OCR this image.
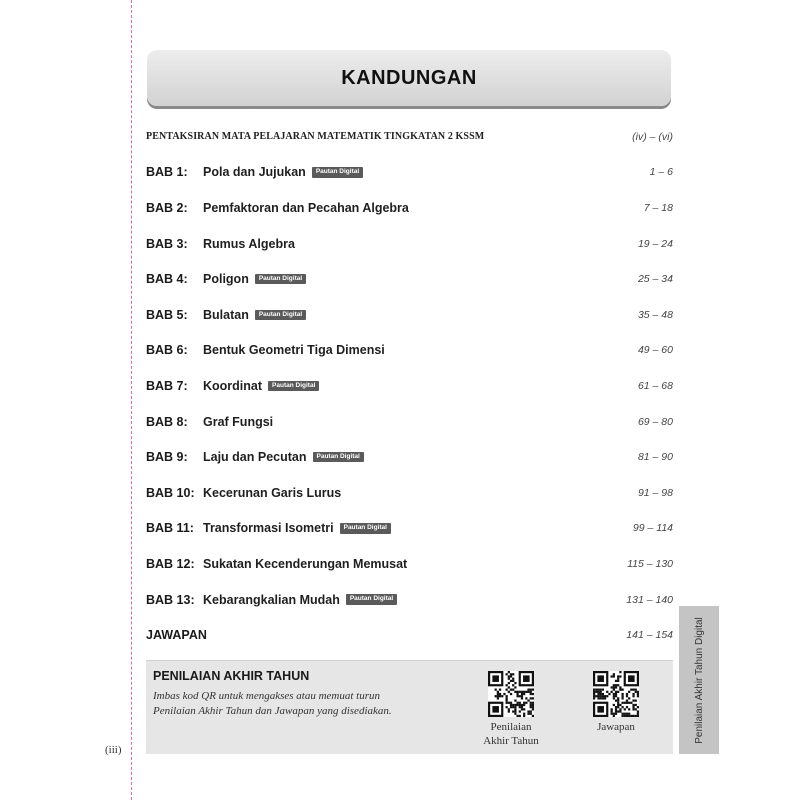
KANDUNGAN
PENTAKSIRAN MATA PELAJARAN MATEMATIK TINGKATAN 2 KSSM	(iv) – (vi)
BAB 1:	Pola dan Jujukan	Pautan Digital	1 – 6
BAB 2:	Pemfaktoran dan Pecahan Algebra	7 – 18
BAB 3:	Rumus Algebra	19 – 24
BAB 4:	Poligon	Pautan Digital	25 – 34
BAB 5:	Bulatan	Pautan Digital	35 – 48
BAB 6:	Bentuk Geometri Tiga Dimensi	49 – 60
BAB 7:	Koordinat	Pautan Digital	61 – 68
BAB 8:	Graf Fungsi	69 – 80
BAB 9:	Laju dan Pecutan	Pautan Digital	81 – 90
BAB 10: Kecerunan Garis Lurus	91 – 98
BAB 11: Transformasi Isometri	Pautan Digital	99 – 114
BAB 12: Sukatan Kecenderungan Memusat	115 – 130
BAB 13: Kebarangkalian Mudah	Pautan Digital	131 – 140
JAWAPAN	141 – 154 Penilaian Akhir Tahun Digital
PENILAIAN AKHIR TAHUN
Imbas kod QR untuk mengakses atau memuat turun Penilaian Akhir Tahun dan Jawapan yang disediakan.
Penilaian
Akhir Tahun
Jawapan
(iii)
